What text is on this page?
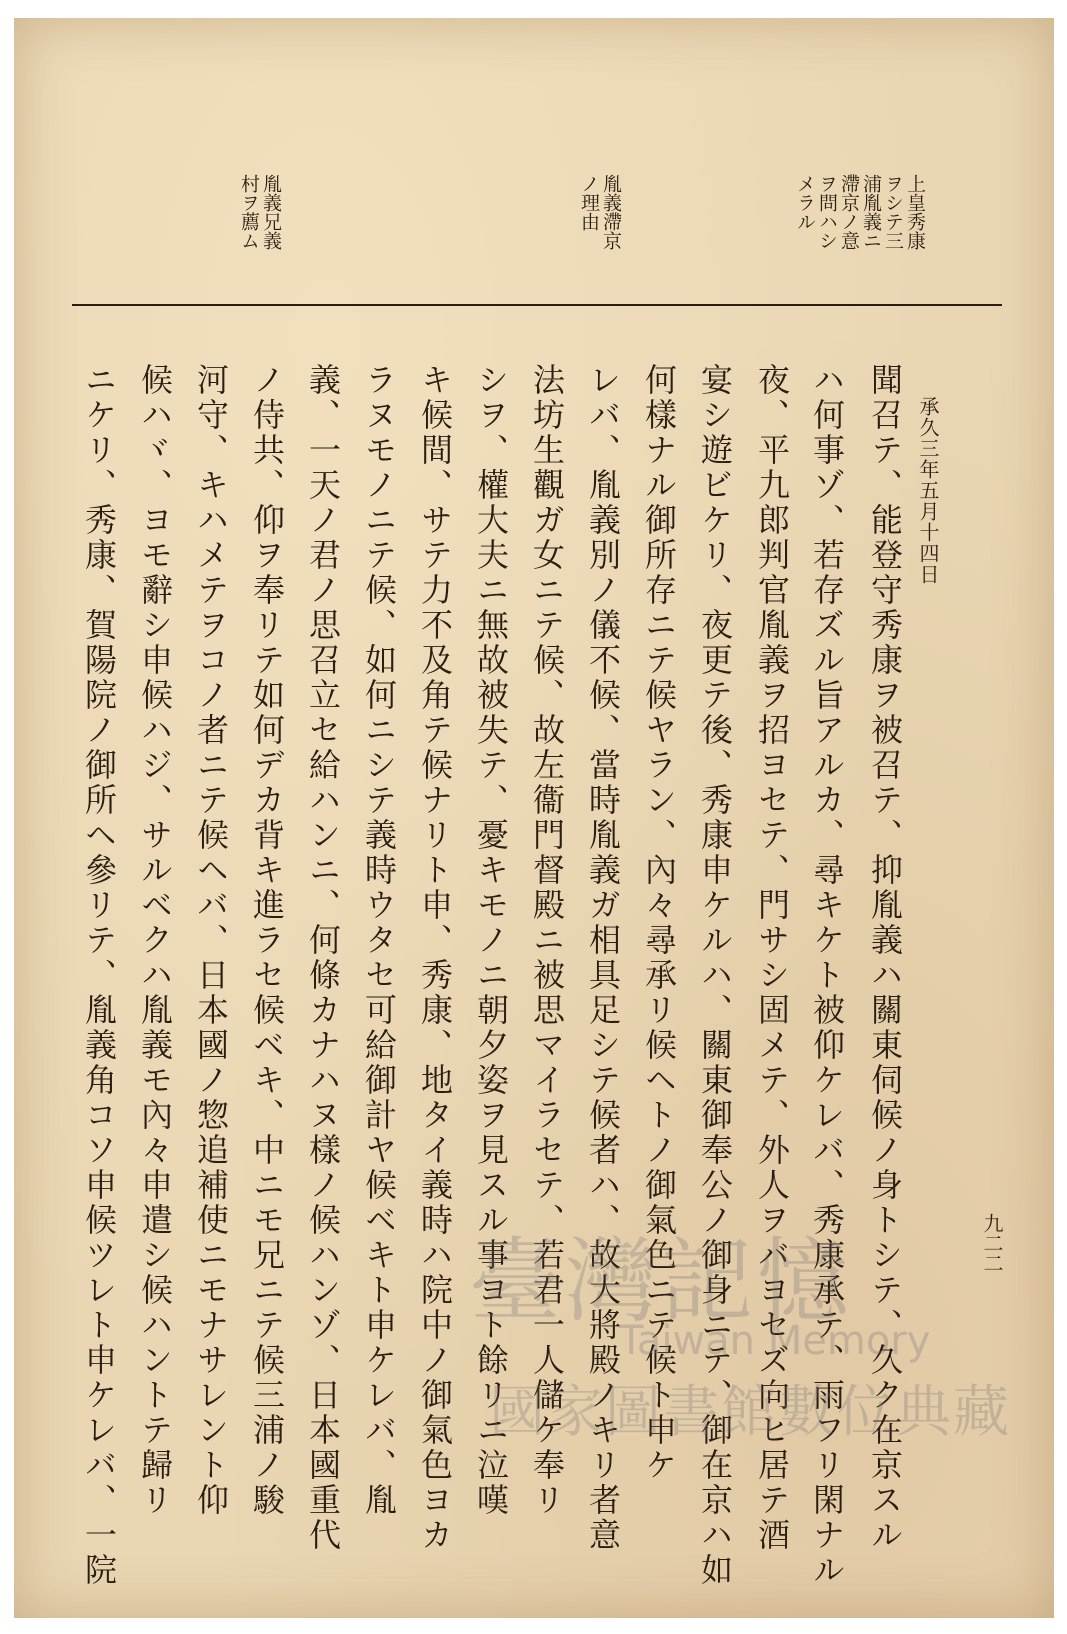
上皇秀康
ヲシテ三
浦胤義ニ
滯京ノ意
ヲ問ハシ
メラル
胤義滯京
ノ理由
胤義兄義
村ヲ薦ム
承久三年五月十四日
九二二
聞召テ、能登守秀康ヲ被召テ、抑胤義ハ關東伺候ノ身トシテ、久ク在京スル
ハ何事ゾ、若存ズル旨アルカ、尋キケト被仰ケレバ、秀康承テ、雨フリ閑ナル
夜、平九郎判官胤義ヲ招ヨセテ、門サシ固メテ、外人ヲバヨセズ向ヒ居テ酒
宴シ遊ビケリ、夜更テ後、秀康申ケルハ、關東御奉公ノ御身ニテ、御在京ハ如
何樣ナル御所存ニテ候ヤラン、內々尋承リ候ヘトノ御氣色ニテ候ト申ケ
レバ、胤義別ノ儀不候、當時胤義ガ相具足シテ候者ハ、故大將殿ノキリ者意
法坊生觀ガ女ニテ候、故左衞門督殿ニ被思マイラセテ、若君一人儲ケ奉リ
シヲ、權大夫ニ無故被失テ、憂キモノニ朝夕姿ヲ見スル事ヨト餘リニ泣嘆
キ候間、サテ力不及角テ候ナリト申、秀康、地タイ義時ハ院中ノ御氣色ヨカ
ラヌモノニテ候、如何ニシテ義時ウタセ可給御計ヤ候ベキト申ケレバ、胤
義、一天ノ君ノ思召立セ給ハンニ、何條カナハヌ樣ノ候ハンゾ、日本國重代
ノ侍共、仰ヲ奉リテ如何デカ背キ進ラセ候ベキ、中ニモ兄ニテ候三浦ノ駿
河守、キハメテヲコノ者ニテ候ヘバ、日本國ノ惣追補使ニモナサレント仰
候ハヾ、ヨモ辭シ申候ハジ、サルベクハ胤義モ內々申遣シ候ハントテ歸リ
ニケリ、秀康、賀陽院ノ御所ヘ參リテ、胤義角コソ申候ツレト申ケレバ、一院	臺灣記憶
Taiwan Memory
國家圖書館數位典藏
